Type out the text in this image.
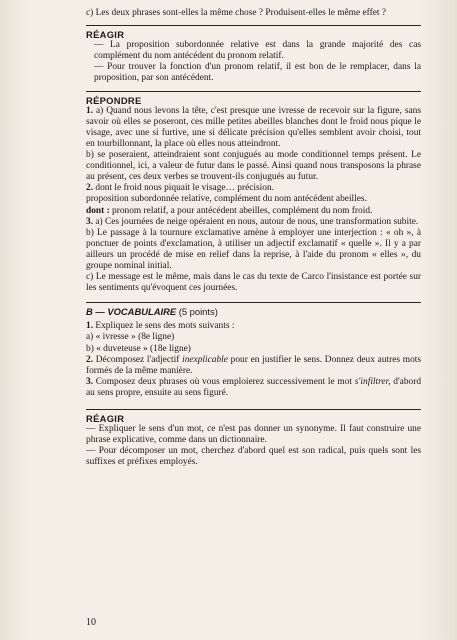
c) Les deux phrases sont-elles la même chose ? Produisent-elles le même effet ?

RÉAGIR

— La proposition subordonnée relative est dans la grande majorité des cas complément du nom antécédent du pronom relatif.

— Pour trouver la fonction d'un pronom relatif, il est bon de le remplacer, dans la proposition, par son antécédent.

RÉPONDRE

1. a) Quand nous levons la tête, c'est presque une ivresse de recevoir sur la figure, sans savoir où elles se poseront, ces mille petites abeilles blanches dont le froid nous pique le visage, avec une si furtive, une si délicate précision qu'elles semblent avoir choisi, tout en tourbillonnant, la place où elles nous atteindront.

b) se poseraient, atteindraient sont conjugués au mode conditionnel temps présent. Le conditionnel, ici, a valeur de futur dans le passé. Ainsi quand nous transposons la phrase au présent, ces deux verbes se trouvent-ils conjugués au futur.

2. dont le froid nous piquait le visage… précision.

proposition subordonnée relative, complément du nom antécédent abeilles.

dont : pronom relatif, a pour antécédent abeilles, complément du nom froid.

3. a) Ces journées de neige opéraient en nous, autour de nous, une transformation subite.

b) Le passage à la tournure exclamative amène à employer une interjection : « oh », à ponctuer de points d'exclamation, à utiliser un adjectif exclamatif « quelle ». Il y a par ailleurs un procédé de mise en relief dans la reprise, à l'aide du pronom « elles », du groupe nominal initial.

c) Le message est le même, mais dans le cas du texte de Carco l'insistance est portée sur les sentiments qu'évoquent ces journées.

B — VOCABULAIRE (5 points)

1. Expliquez le sens des mots suivants :

a) « ivresse » (8e ligne)

b) « duveteuse » (18e ligne)

2. Décomposez l'adjectif inexplicable pour en justifier le sens. Donnez deux autres mots formés de la même manière.

3. Composez deux phrases où vous emploierez successivement le mot s'infiltrer, d'abord au sens propre, ensuite au sens figuré.

RÉAGIR

— Expliquer le sens d'un mot, ce n'est pas donner un synonyme. Il faut construire une phrase explicative, comme dans un dictionnaire.

— Pour décomposer un mot, cherchez d'abord quel est son radical, puis quels sont les suffixes et préfixes employés.

10
